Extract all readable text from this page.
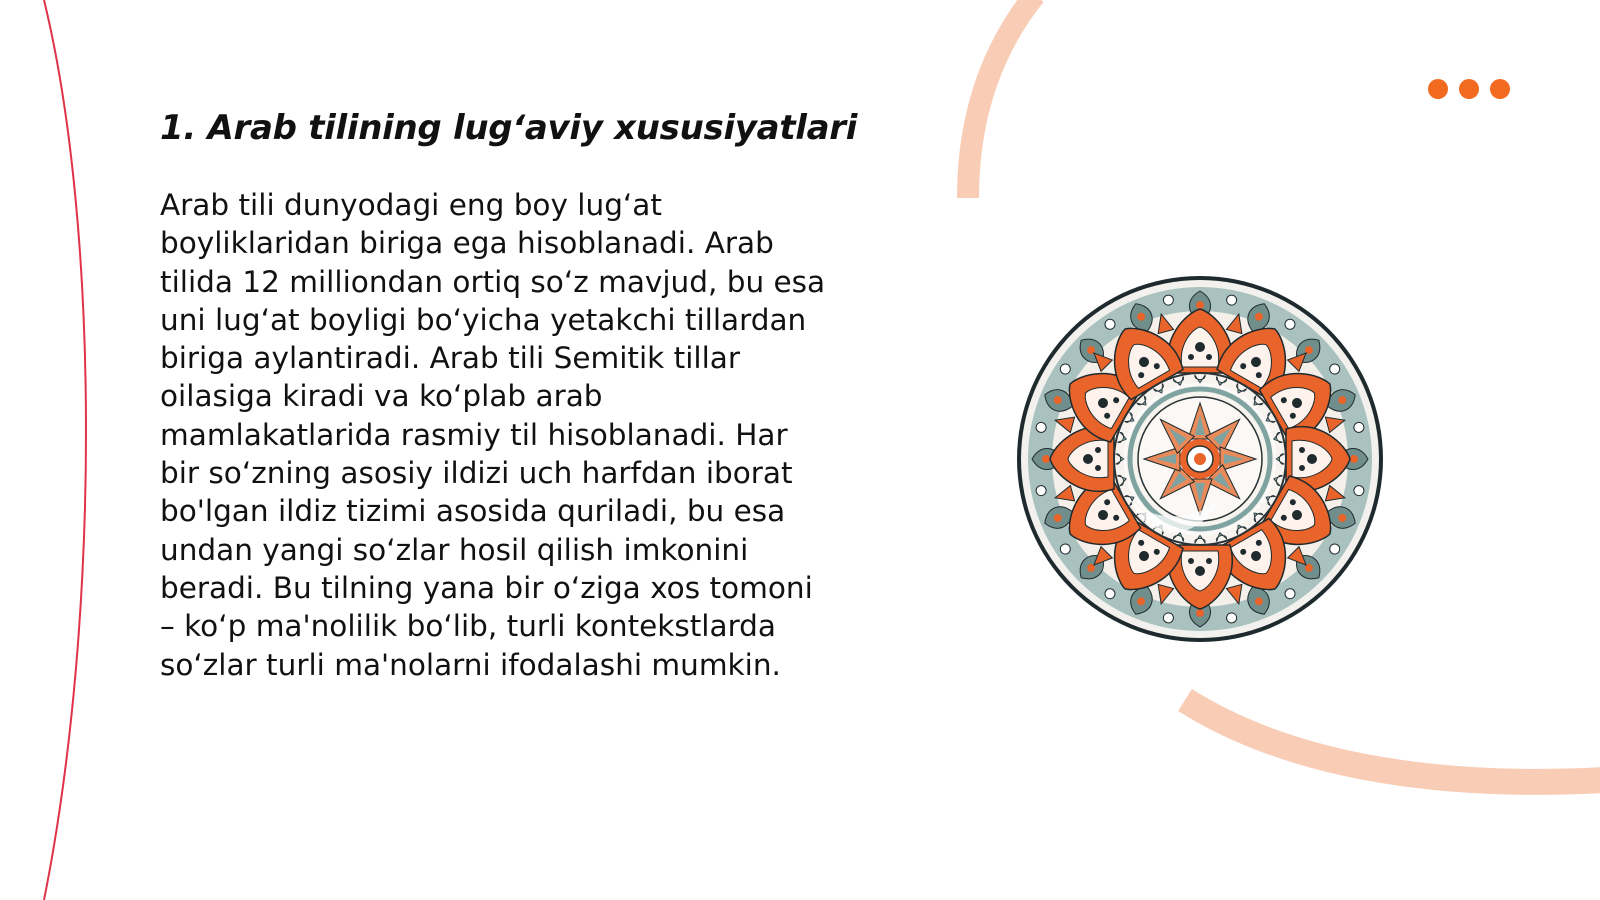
1. Arab tilining lug‘aviy xususiyatlari

Arab tili dunyodagi eng boy lug‘at
boyliklaridan biriga ega hisoblanadi. Arab
tilida 12 milliondan ortiq so‘z mavjud, bu esa
uni lug‘at boyligi bo‘yicha yetakchi tillardan
biriga aylantiradi. Arab tili Semitik tillar
oilasiga kiradi va ko‘plab arab
mamlakatlarida rasmiy til hisoblanadi. Har
bir so‘zning asosiy ildizi uch harfdan iborat
bo'lgan ildiz tizimi asosida quriladi, bu esa
undan yangi so‘zlar hosil qilish imkonini
beradi. Bu tilning yana bir o‘ziga xos tomoni
– ko‘p ma'nolilik bo‘lib, turli kontekstlarda
so‘zlar turli ma'nolarni ifodalashi mumkin.
